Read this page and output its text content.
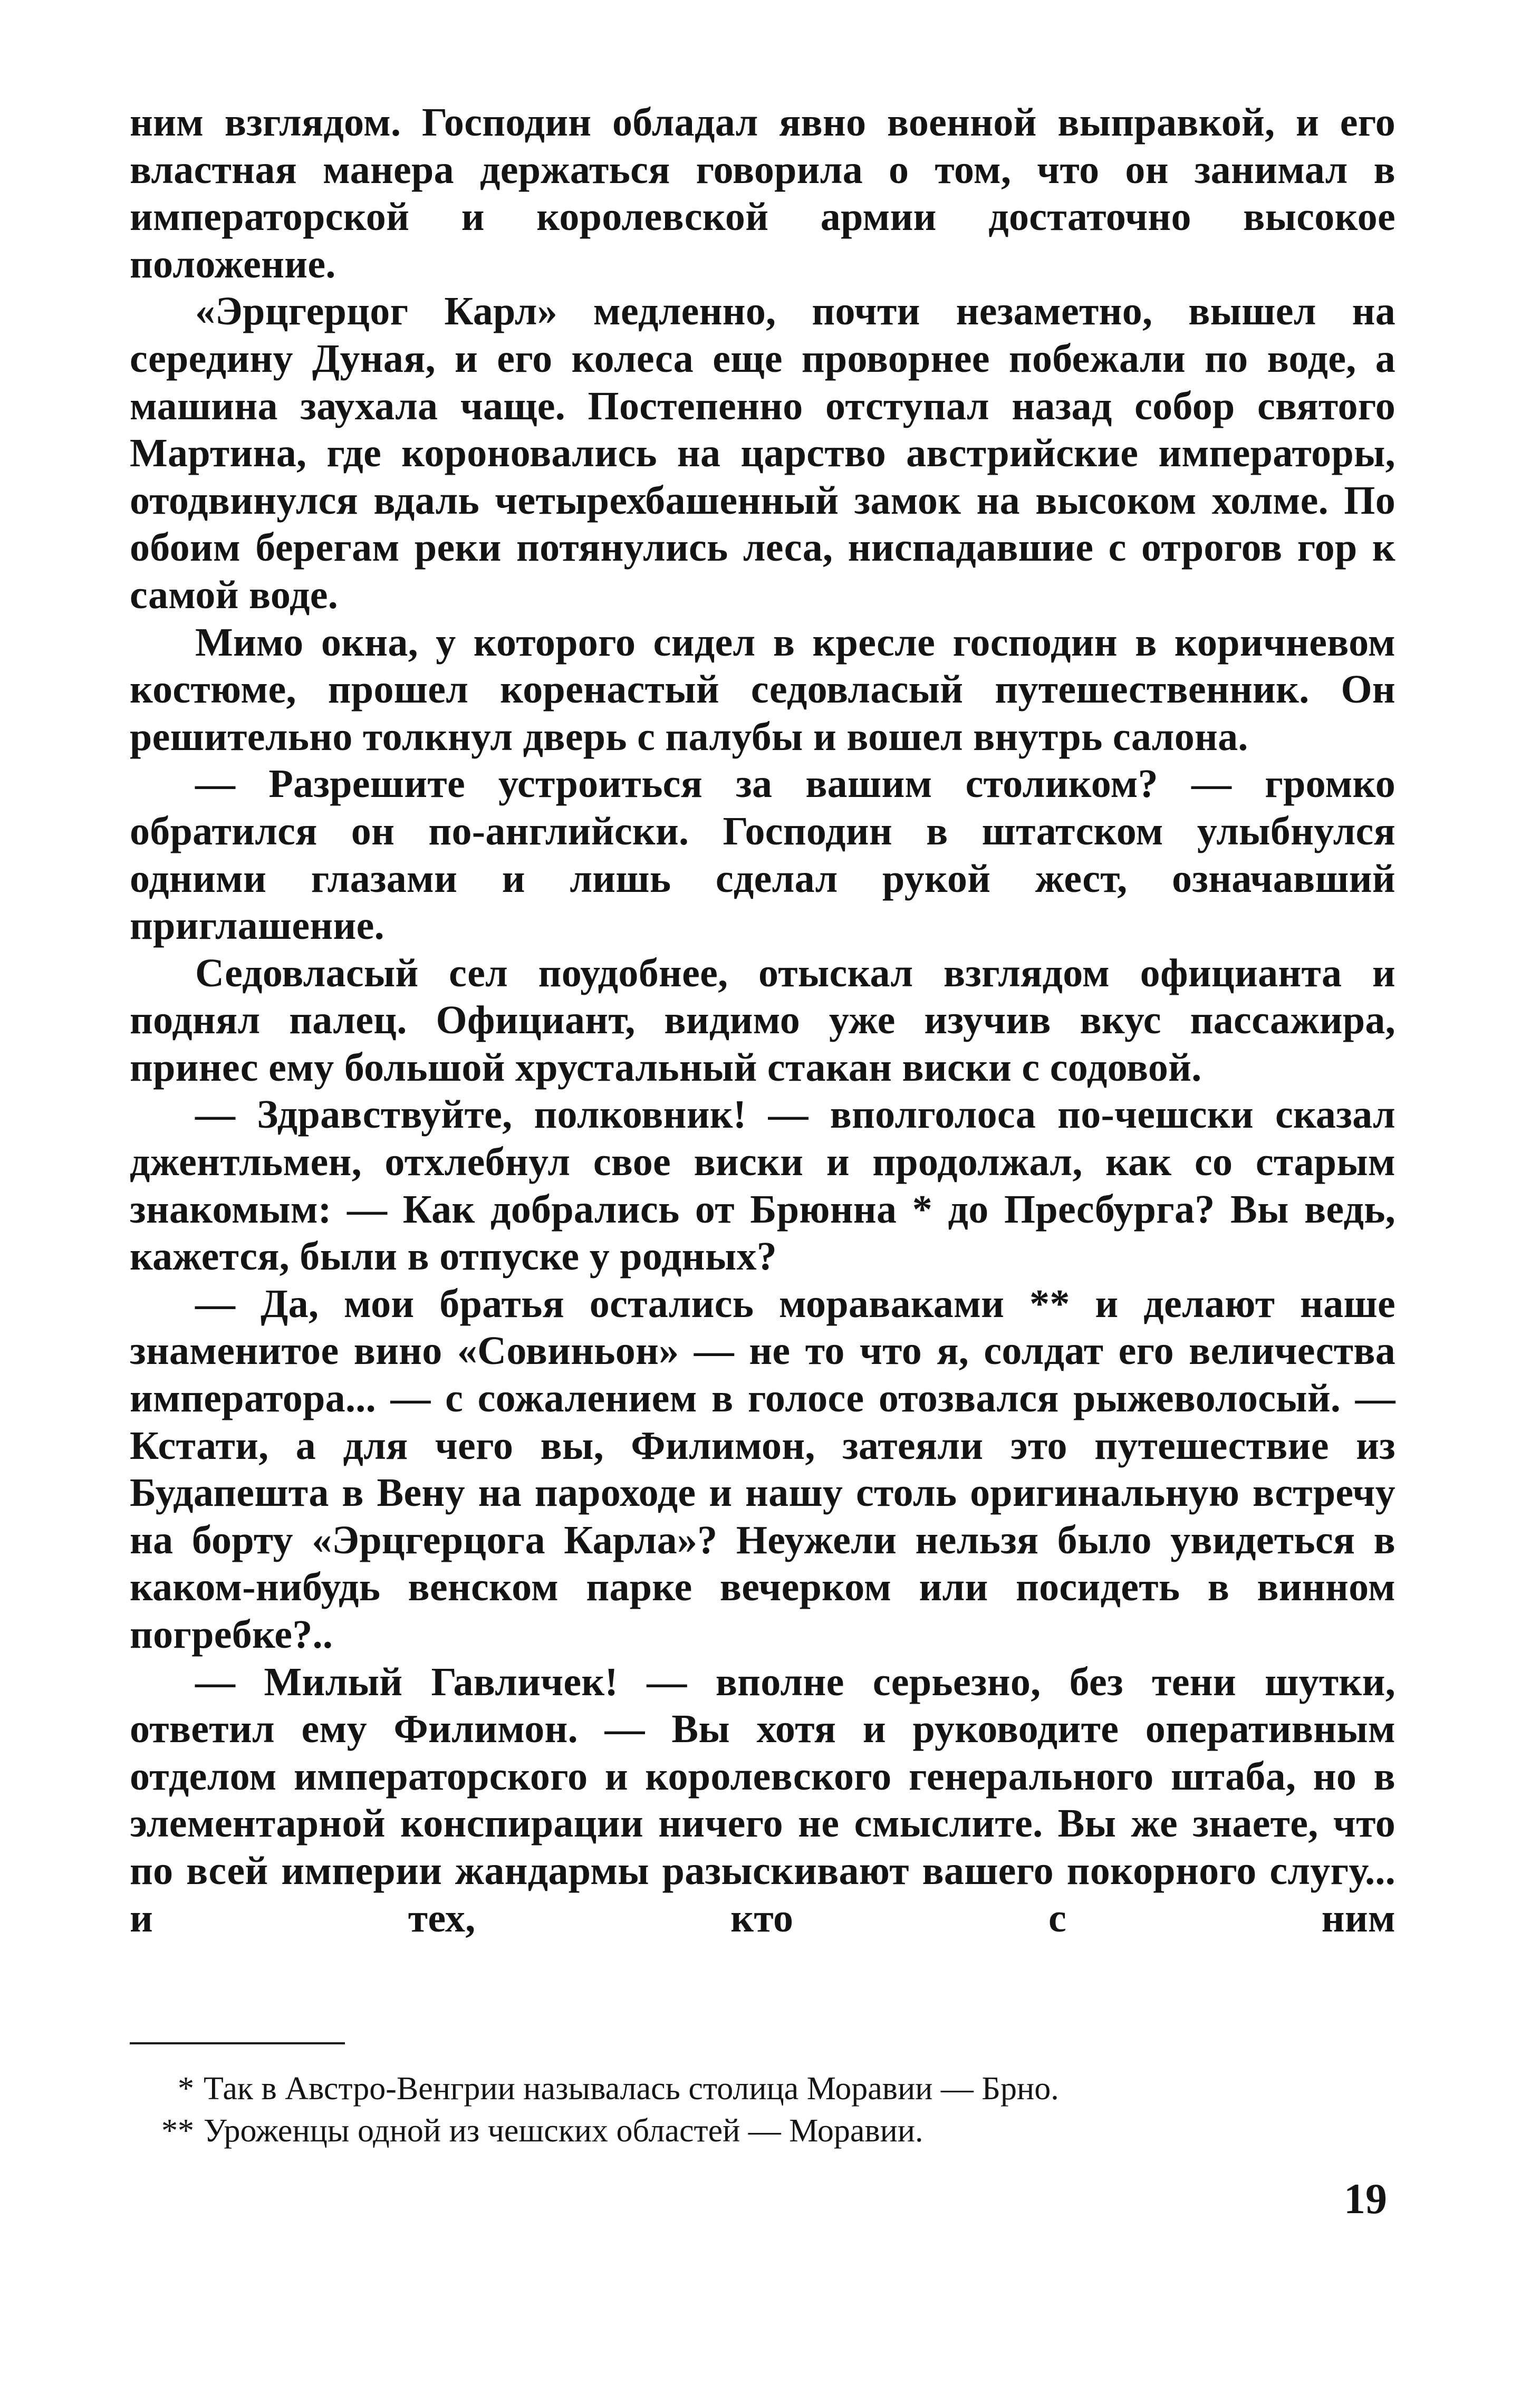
ним взглядом. Господин обладал явно военной выправкой, и его властная манера держаться говорила о том, что он занимал в императорской и королевской армии достаточно высокое положение.

«Эрцгерцог Карл» медленно, почти незаметно, вышел на середину Дуная, и его колеса еще проворнее побежали по воде, а машина заухала чаще. Постепенно отступал назад собор святого Мартина, где короновались на царство австрийские императоры, отодвинулся вдаль четырехбашенный замок на высоком холме. По обоим берегам реки потянулись леса, ниспадавшие с отрогов гор к самой воде.

Мимо окна, у которого сидел в кресле господин в коричневом костюме, прошел коренастый седовласый путешественник. Он решительно толкнул дверь с палубы и вошел внутрь салона.

— Разрешите устроиться за вашим столиком? — громко обратился он по-английски. Господин в штатском улыбнулся одними глазами и лишь сделал рукой жест, означавший приглашение.

Седовласый сел поудобнее, отыскал взглядом официанта и поднял палец. Официант, видимо уже изучив вкус пассажира, принес ему большой хрустальный стакан виски с содовой.

— Здравствуйте, полковник! — вполголоса по-чешски сказал джентльмен, отхлебнул свое виски и продолжал, как со старым знакомым: — Как добрались от Брюнна * до Пресбурга? Вы ведь, кажется, были в отпуске у родных?

— Да, мои братья остались мораваками ** и делают наше знаменитое вино «Совиньон» — не то что я, солдат его величества императора... — с сожалением в голосе отозвался рыжеволосый. — Кстати, а для чего вы, Филимон, затеяли это путешествие из Будапешта в Вену на пароходе и нашу столь оригинальную встречу на борту «Эрцгерцога Карла»? Неужели нельзя было увидеться в каком-нибудь венском парке вечерком или посидеть в винном погребке?..

— Милый Гавличек! — вполне серьезно, без тени шутки, ответил ему Филимон. — Вы хотя и руководите оперативным отделом императорского и королевского генерального штаба, но в элементарной конспирации ничего не смыслите. Вы же знаете, что по всей империи жандармы разыскивают вашего покорного слугу... и тех, кто с ним

* Так в Австро-Венгрии называлась столица Моравии — Брно.

** Уроженцы одной из чешских областей — Моравии.

19
